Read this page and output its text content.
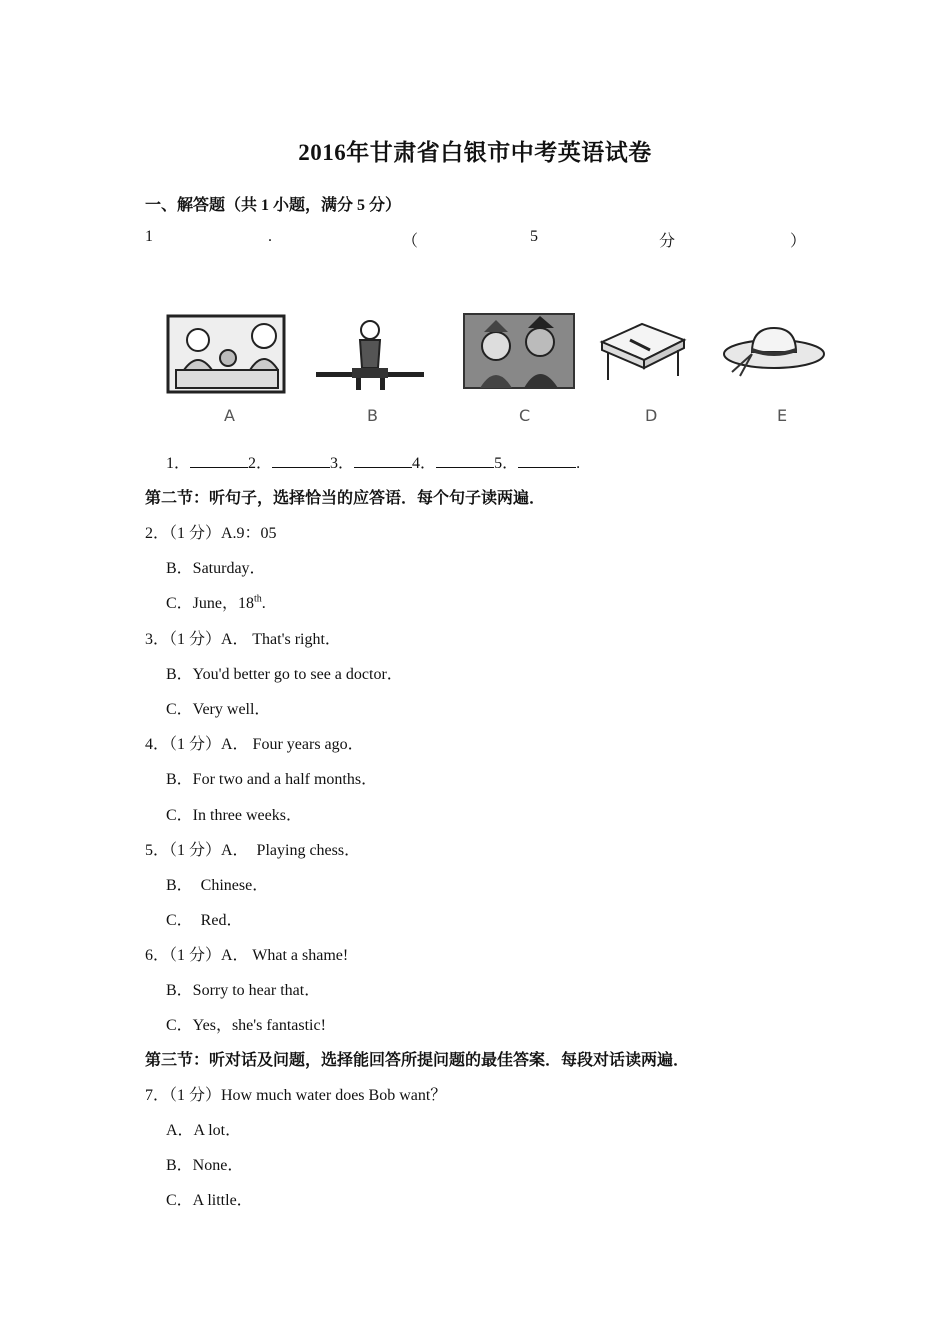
2016年甘肃省白银市中考英语试卷
一、解答题（共 1 小题，满分 5 分）
1	.	（	5	分	）
A	B	C	D	E
1．	2．	3．	4．	5．	.
第二节：听句子，选择恰当的应答语．每个句子读两遍．
2．（1 分）A.9：05
B．Saturday．
C．June，18th.
3．（1 分）A． That's right．
B．You'd better go to see a doctor．
C．Very well．
4．（1 分）A． Four years ago．
B．For two and a half months．
C．In three weeks．
5．（1 分）A．　Playing chess．
B．　Chinese．
C．　Red．
6．（1 分）A． What a shame!
B．Sorry to hear that．
C．Yes，she's fantastic!
第三节：听对话及问题，选择能回答所提问题的最佳答案．每段对话读两遍．
7．（1 分）How much water does Bob want？
A．A lot．
B．None．
C．A little．
